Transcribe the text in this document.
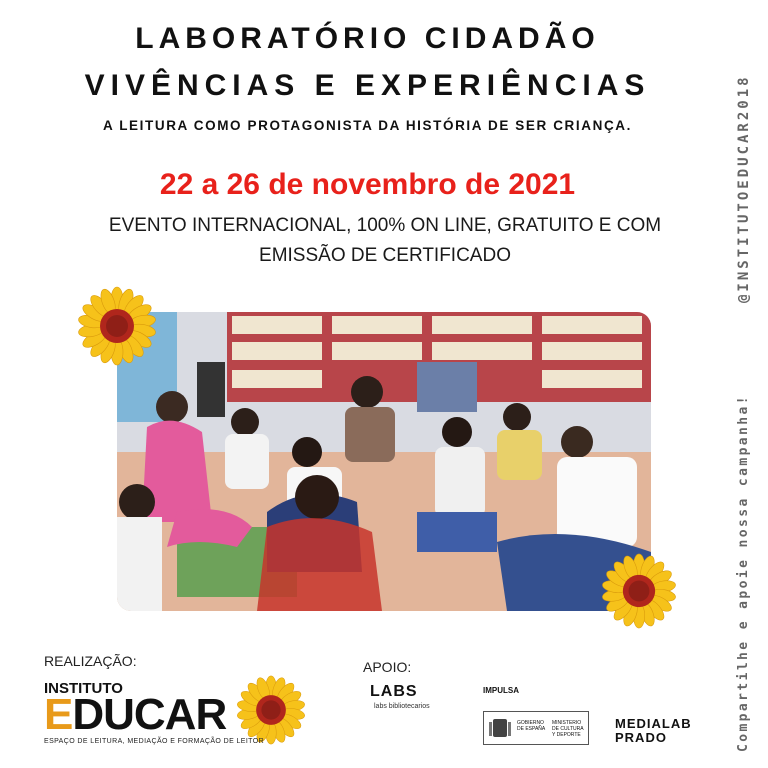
LABORATÓRIO CIDADÃO
VIVÊNCIAS E EXPERIÊNCIAS
A LEITURA COMO PROTAGONISTA DA HISTÓRIA DE SER CRIANÇA.
22 a 26 de novembro de 2021
EVENTO INTERNACIONAL, 100% ON LINE, GRATUITO E COM
EMISSÃO DE CERTIFICADO	@INSTITUTOEDUCAR2018
Compartilhe e apoie nossa campanha!
REALIZAÇÃO:	APOIO:
INSTITUTO
EDUCAR
ESPAÇO DE LEITURA, MEDIAÇÃO E FORMAÇÃO DE LEITOR
LABS
labs bibliotecarios
IMPULSA
GOBIERNO DE ESPAÑA
MINISTERIO DE CULTURA Y DEPORTE
MEDIALAB PRADO
